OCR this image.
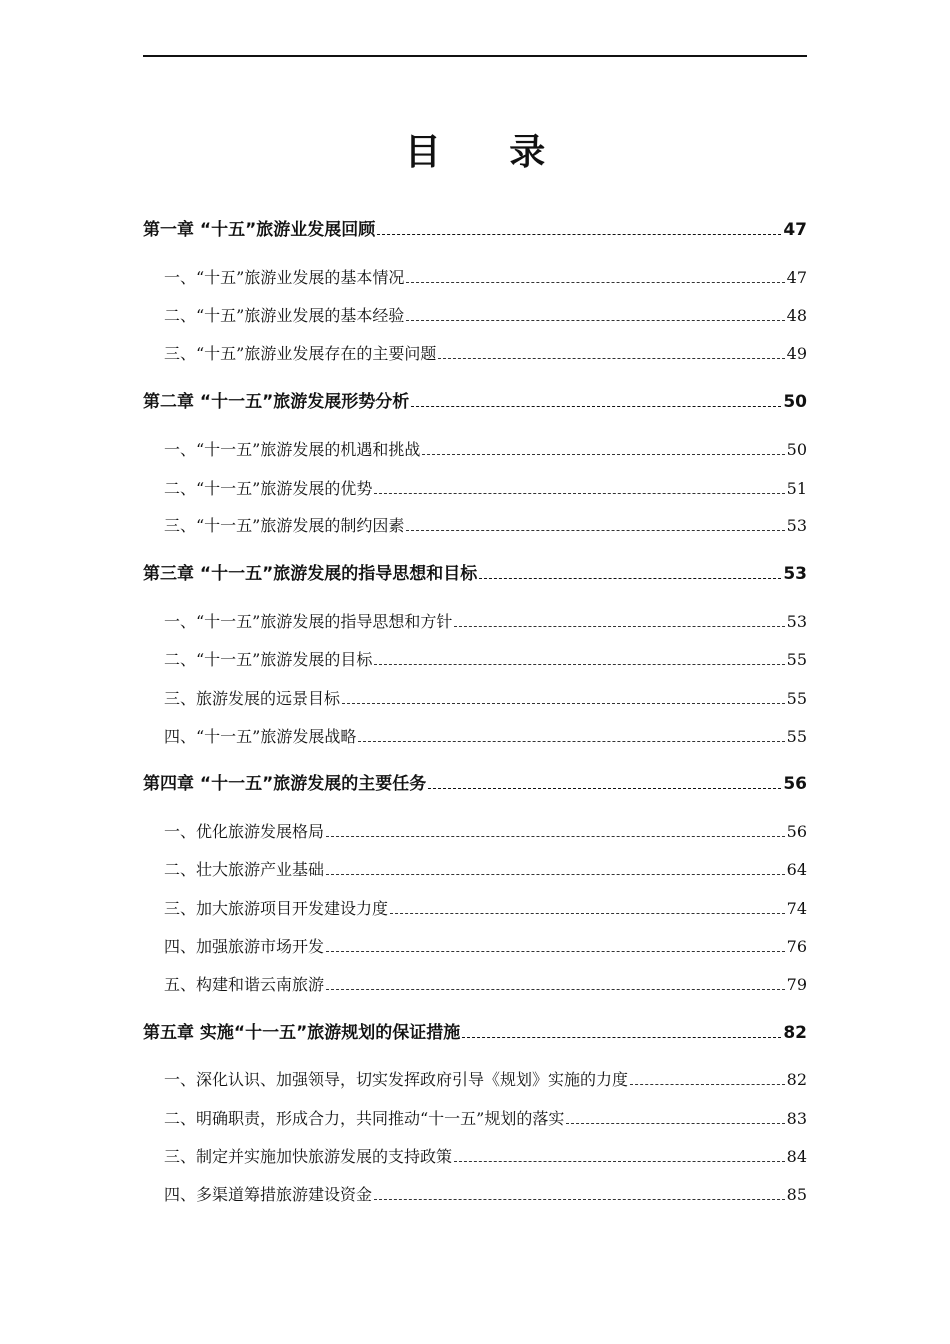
目 录
第一章 “十五”旅游业发展回顾	47
一、“十五”旅游业发展的基本情况	47
二、“十五”旅游业发展的基本经验	48
三、“十五”旅游业发展存在的主要问题	49
第二章 “十一五”旅游发展形势分析	50
一、“十一五”旅游发展的机遇和挑战	50
二、“十一五”旅游发展的优势	51
三、“十一五”旅游发展的制约因素	53
第三章 “十一五”旅游发展的指导思想和目标	53
一、“十一五”旅游发展的指导思想和方针	53
二、“十一五”旅游发展的目标	55
三、旅游发展的远景目标	55
四、“十一五”旅游发展战略	55
第四章 “十一五”旅游发展的主要任务	56
一、优化旅游发展格局	56
二、壮大旅游产业基础	64
三、加大旅游项目开发建设力度	74
四、加强旅游市场开发	76
五、构建和谐云南旅游	79
第五章 实施“十一五”旅游规划的保证措施	82
一、深化认识、加强领导，切实发挥政府引导《规划》实施的力度	82
二、明确职责，形成合力，共同推动“十一五”规划的落实	83
三、制定并实施加快旅游发展的支持政策	84
四、多渠道筹措旅游建设资金	85
